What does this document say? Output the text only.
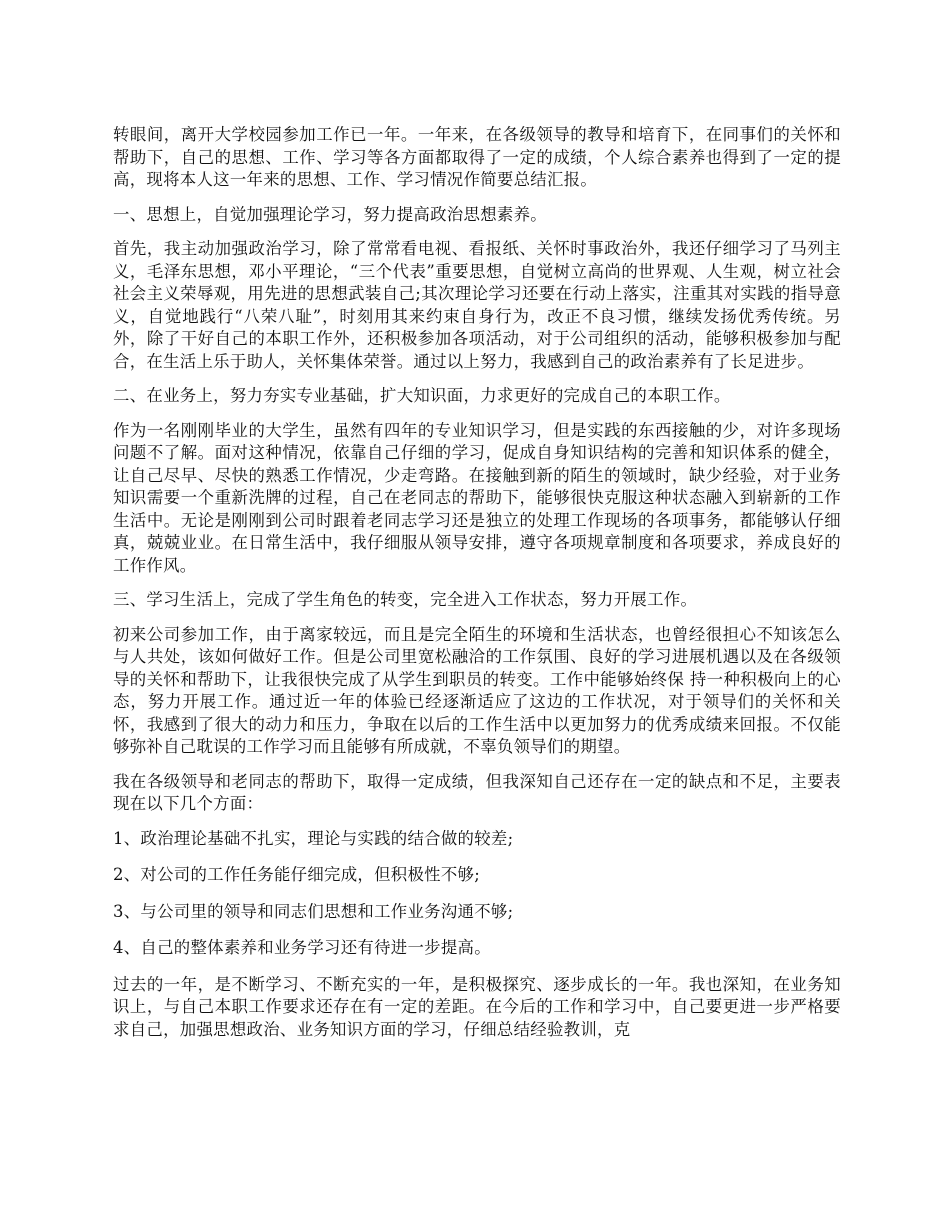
转眼间，离开大学校园参加工作已一年。一年来，在各级领导的教导和培育下，在同事们的关怀和帮助下，自己的思想、工作、学习等各方面都取得了一定的成绩，个人综合素养也得到了一定的提高，现将本人这一年来的思想、工作、学习情况作简要总结汇报。

一、思想上，自觉加强理论学习，努力提高政治思想素养。

首先，我主动加强政治学习，除了常常看电视、看报纸、关怀时事政治外，我还仔细学习了马列主义，毛泽东思想，邓小平理论，“三个代表”重要思想，自觉树立高尚的世界观、人生观，树立社会社会主义荣辱观，用先进的思想武装自己;其次理论学习还要在行动上落实，注重其对实践的指导意义，自觉地践行“八荣八耻”，时刻用其来约束自身行为，改正不良习惯，继续发扬优秀传统。另外，除了干好自己的本职工作外，还积极参加各项活动，对于公司组织的活动，能够积极参加与配合，在生活上乐于助人，关怀集体荣誉。通过以上努力，我感到自己的政治素养有了长足进步。

二、在业务上，努力夯实专业基础，扩大知识面，力求更好的完成自己的本职工作。

作为一名刚刚毕业的大学生，虽然有四年的专业知识学习，但是实践的东西接触的少，对许多现场问题不了解。面对这种情况，依靠自己仔细的学习，促成自身知识结构的完善和知识体系的健全，让自己尽早、尽快的熟悉工作情况，少走弯路。在接触到新的陌生的领域时，缺少经验，对于业务知识需要一个重新洗牌的过程，自己在老同志的帮助下，能够很快克服这种状态融入到崭新的工作生活中。无论是刚刚到公司时跟着老同志学习还是独立的处理工作现场的各项事务，都能够认仔细真，兢兢业业。在日常生活中，我仔细服从领导安排，遵守各项规章制度和各项要求，养成良好的工作作风。

三、学习生活上，完成了学生角色的转变，完全进入工作状态，努力开展工作。

初来公司参加工作，由于离家较远，而且是完全陌生的环境和生活状态，也曾经很担心不知该怎么与人共处，该如何做好工作。但是公司里宽松融洽的工作氛围、良好的学习进展机遇以及在各级领导的关怀和帮助下，让我很快完成了从学生到职员的转变。工作中能够始终保 持一种积极向上的心态，努力开展工作。通过近一年的体验已经逐渐适应了这边的工作状况，对于领导们的关怀和关怀，我感到了很大的动力和压力，争取在以后的工作生活中以更加努力的优秀成绩来回报。不仅能够弥补自己耽误的工作学习而且能够有所成就，不辜负领导们的期望。

我在各级领导和老同志的帮助下，取得一定成绩，但我深知自己还存在一定的缺点和不足，主要表现在以下几个方面：

1、政治理论基础不扎实，理论与实践的结合做的较差;

2、对公司的工作任务能仔细完成，但积极性不够;

3、与公司里的领导和同志们思想和工作业务沟通不够;

4、自己的整体素养和业务学习还有待进一步提高。

过去的一年，是不断学习、不断充实的一年，是积极探究、逐步成长的一年。我也深知，在业务知识上，与自己本职工作要求还存在有一定的差距。在今后的工作和学习中，自己要更进一步严格要求自己，加强思想政治、业务知识方面的学习，仔细总结经验教训，克
